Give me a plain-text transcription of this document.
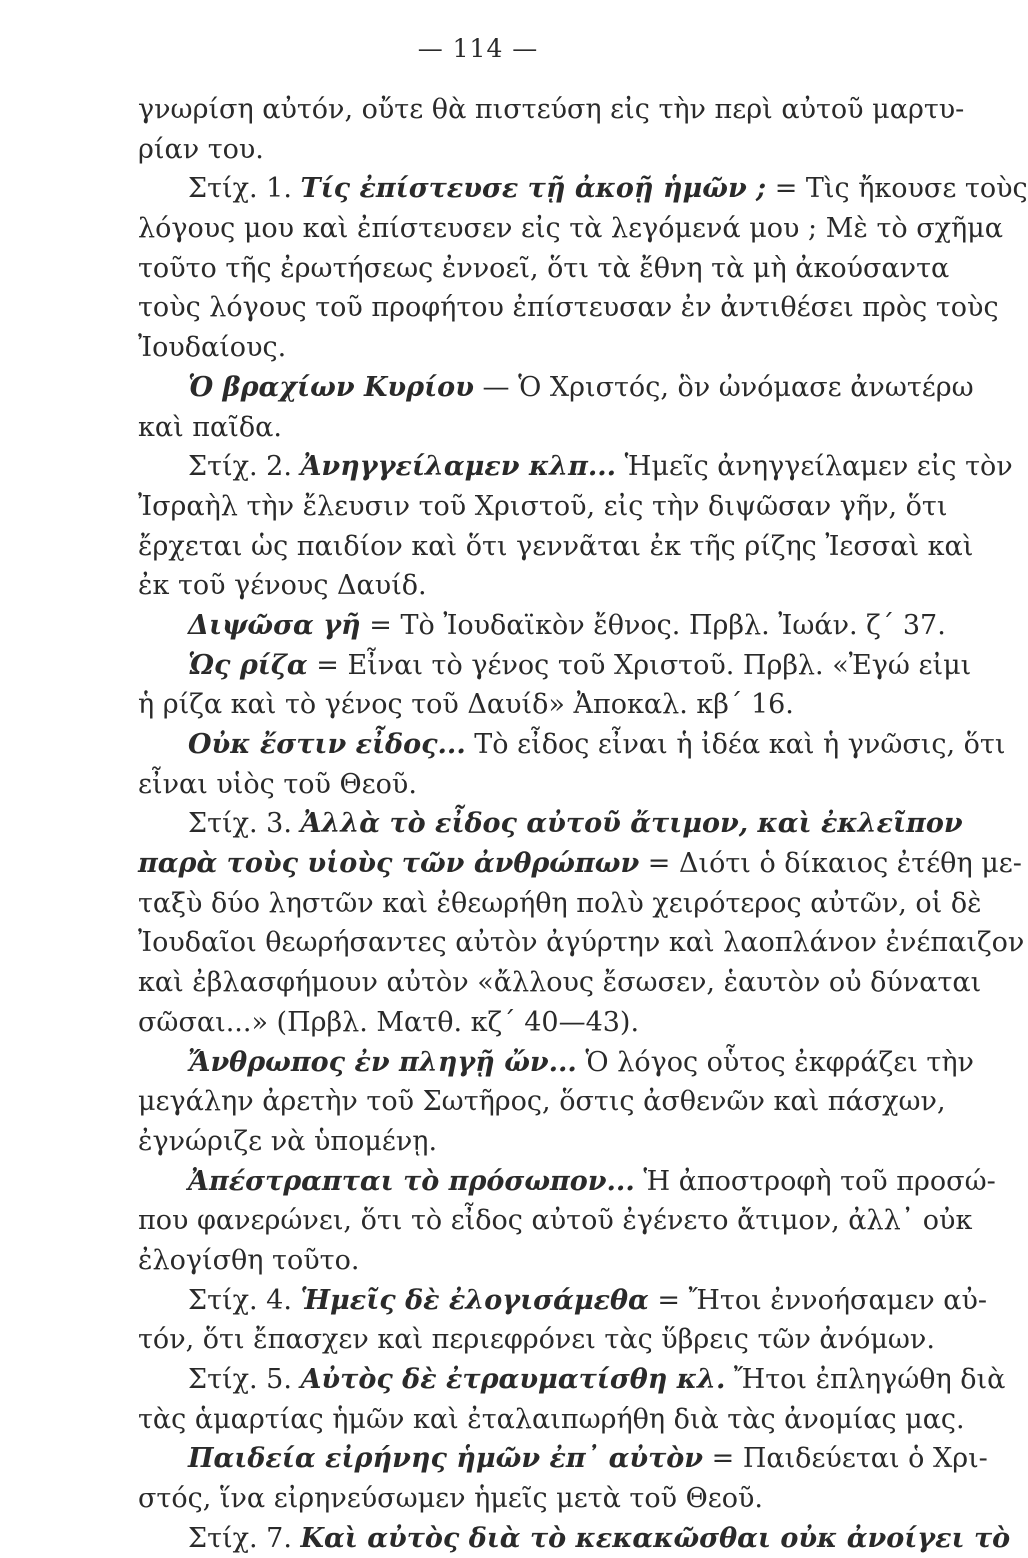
— 114 —
γνωρίση αὐτόν, οὔτε θὰ πιστεύση εἰς τὴν περὶ αὐτοῦ μαρτυ-
ρίαν του.
Στίχ. 1. Τίς ἐπίστευσε τῇ ἀκοῇ ἡμῶν ; = Τὶς ἤκουσε τοὺς
λόγους μου καὶ ἐπίστευσεν εἰς τὰ λεγόμενά μου ; Μὲ τὸ σχῆμα
τοῦτο τῆς ἐρωτήσεως ἐννοεῖ, ὅτι τὰ ἔθνη τὰ μὴ ἀκούσαντα
τοὺς λόγους τοῦ προφήτου ἐπίστευσαν ἐν ἀντιθέσει πρὸς τοὺς
Ἰουδαίους.
Ὁ βραχίων Κυρίου — Ὁ Χριστός, ὃν ὠνόμασε ἀνωτέρω
καὶ παῖδα.
Στίχ. 2. Ἀνηγγείλαμεν κλπ... Ἡμεῖς ἀνηγγείλαμεν εἰς τὸν
Ἰσραὴλ τὴν ἔλευσιν τοῦ Χριστοῦ, εἰς τὴν διψῶσαν γῆν, ὅτι
ἔρχεται ὡς παιδίον καὶ ὅτι γεννᾶται ἐκ τῆς ρίζης Ἰεσσαὶ καὶ
ἐκ τοῦ γένους Δαυίδ.
Διψῶσα γῆ = Τὸ Ἰουδαϊκὸν ἔθνος. Πρβλ. Ἰωάν. ζ΄ 37.
Ὡς ρίζα = Εἶναι τὸ γένος τοῦ Χριστοῦ. Πρβλ. «Ἐγώ εἰμι
ἡ ρίζα καὶ τὸ γένος τοῦ Δαυίδ» Ἀποκαλ. κβ΄ 16.
Οὐκ ἔστιν εἶδος... Τὸ εἶδος εἶναι ἡ ἰδέα καὶ ἡ γνῶσις, ὅτι
εἶναι υἱὸς τοῦ Θεοῦ.
Στίχ. 3. Ἀλλὰ τὸ εἶδος αὐτοῦ ἄτιμον, καὶ ἐκλεῖπον
παρὰ τοὺς υἱοὺς τῶν ἀνθρώπων = Διότι ὁ δίκαιος ἐτέθη με-
ταξὺ δύο ληστῶν καὶ ἐθεωρήθη πολὺ χειρότερος αὐτῶν, οἱ δὲ
Ἰουδαῖοι θεωρήσαντες αὐτὸν ἀγύρτην καὶ λαοπλάνον ἐνέπαιζον
καὶ ἐβλασφήμουν αὐτὸν «ἄλλους ἔσωσεν, ἑαυτὸν οὐ δύναται
σῶσαι...» (Πρβλ. Ματθ. κζ΄ 40—43).
Ἄνθρωπος ἐν πληγῇ ὤν... Ὁ λόγος οὗτος ἐκφράζει τὴν
μεγάλην ἀρετὴν τοῦ Σωτῆρος, ὅστις ἀσθενῶν καὶ πάσχων,
ἐγνώριζε νὰ ὑπομένῃ.
Ἀπέστραπται τὸ πρόσωπον... Ἡ ἀποστροφὴ τοῦ προσώ-
που φανερώνει, ὅτι τὸ εἶδος αὐτοῦ ἐγένετο ἄτιμον, ἀλλ᾿ οὐκ
ἐλογίσθη τοῦτο.
Στίχ. 4. Ἡμεῖς δὲ ἐλογισάμεθα = Ἤτοι ἐννοήσαμεν αὐ-
τόν, ὅτι ἔπασχεν καὶ περιεφρόνει τὰς ὕβρεις τῶν ἀνόμων.
Στίχ. 5. Αὐτὸς δὲ ἐτραυματίσθη κλ. Ἤτοι ἐπληγώθη διὰ
τὰς ἁμαρτίας ἡμῶν καὶ ἐταλαιπωρήθη διὰ τὰς ἀνομίας μας.
Παιδεία εἰρήνης ἡμῶν ἐπ᾿ αὐτὸν = Παιδεύεται ὁ Χρι-
στός, ἵνα εἰρηνεύσωμεν ἡμεῖς μετὰ τοῦ Θεοῦ.
Στίχ. 7. Καὶ αὐτὸς διὰ τὸ κεκακῶσθαι οὐκ ἀνοίγει τὸ
